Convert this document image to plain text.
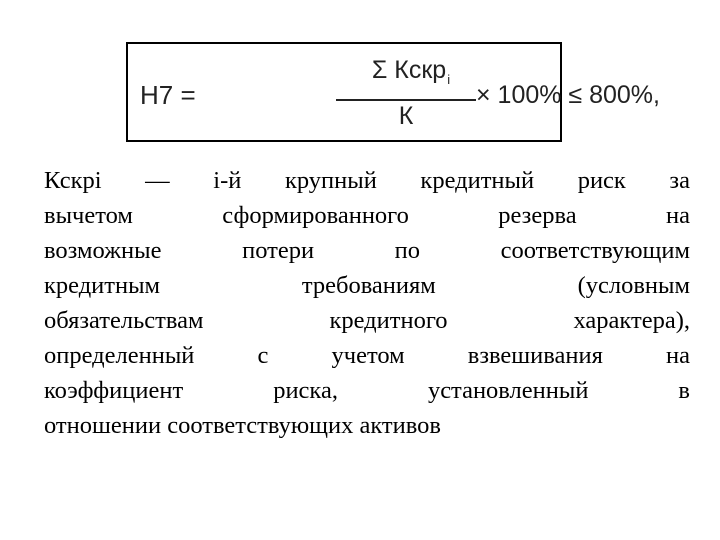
Н7 =
Σ Кскр$_i$
К
× 100% ≤ 800%,
Кскрi — i-й крупный кредитный риск за
вычетом сформированного резерва на
возможные потери по соответствующим
кредитным требованиям (условным
обязательствам кредитного характера),
определенный с учетом взвешивания на
коэффициент риска, установленный в
отношении соответствующих активов
